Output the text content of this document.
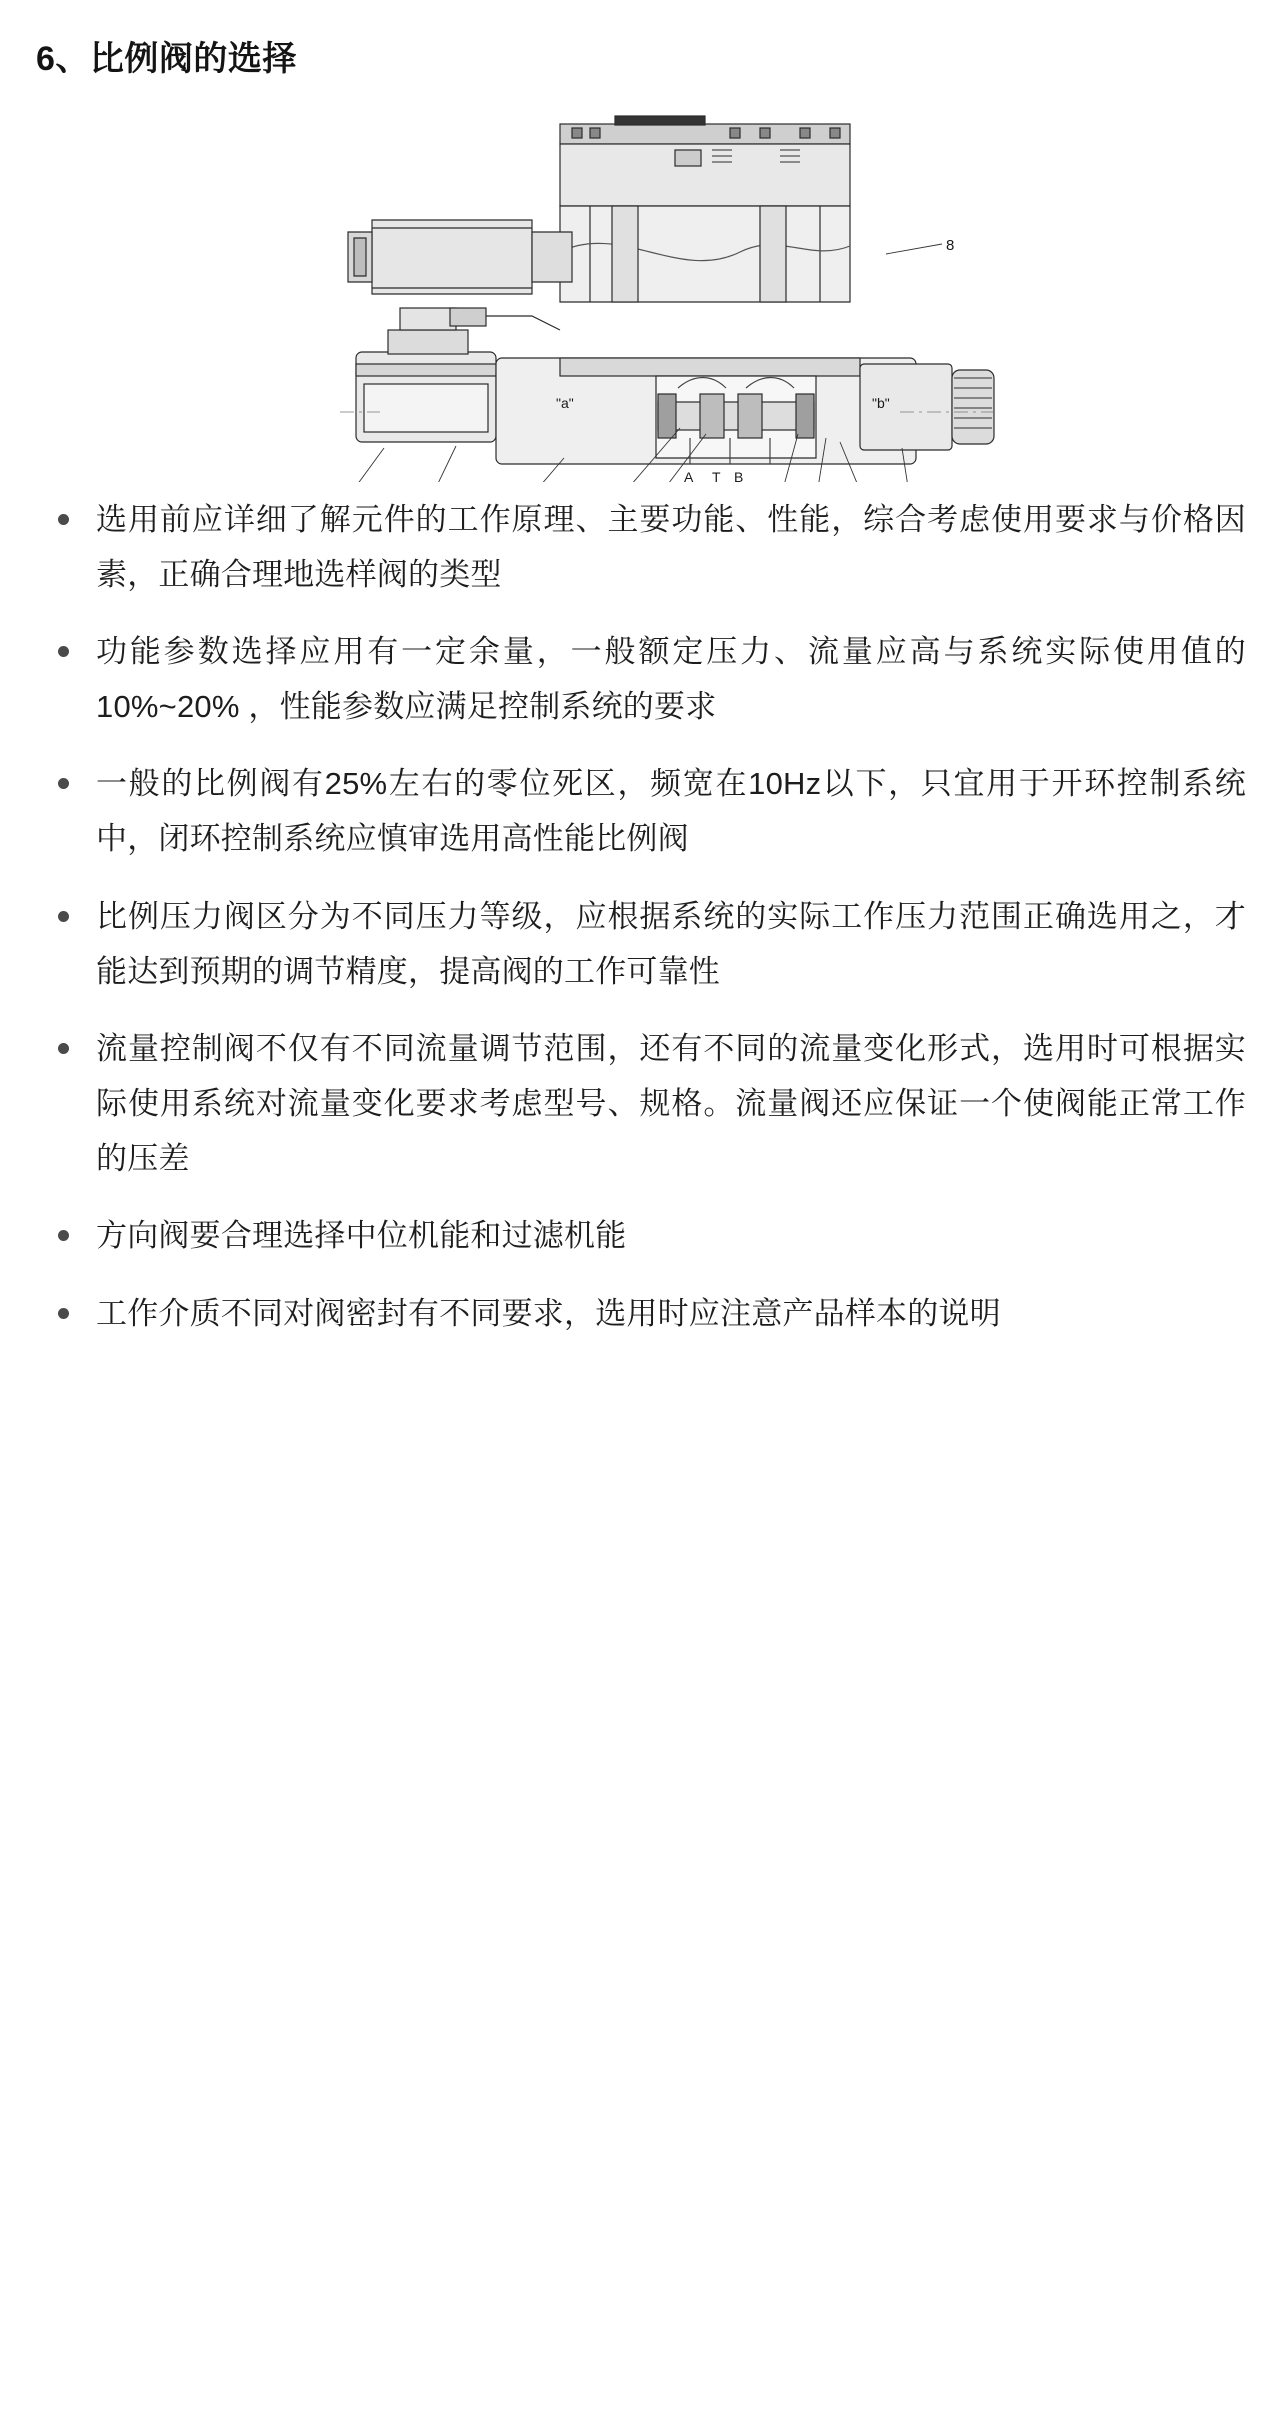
6、比例阀的选择
8
A T B
"a"	"b"
选用前应详细了解元件的工作原理、主要功能、性能，综合考虑使用要求与价格因素，正确合理地选样阀的类型
功能参数选择应用有一定余量，一般额定压力、流量应高与系统实际使用值的10%~20% ，性能参数应满足控制系统的要求
一般的比例阀有25%左右的零位死区，频宽在10Hz以下，只宜用于开环控制系统中，闭环控制系统应慎审选用高性能比例阀
比例压力阀区分为不同压力等级，应根据系统的实际工作压力范围正确选用之，才能达到预期的调节精度，提高阀的工作可靠性
流量控制阀不仅有不同流量调节范围，还有不同的流量变化形式，选用时可根据实际使用系统对流量变化要求考虑型号、规格。流量阀还应保证一个使阀能正常工作的压差
方向阀要合理选择中位机能和过滤机能
工作介质不同对阀密封有不同要求，选用时应注意产品样本的说明
